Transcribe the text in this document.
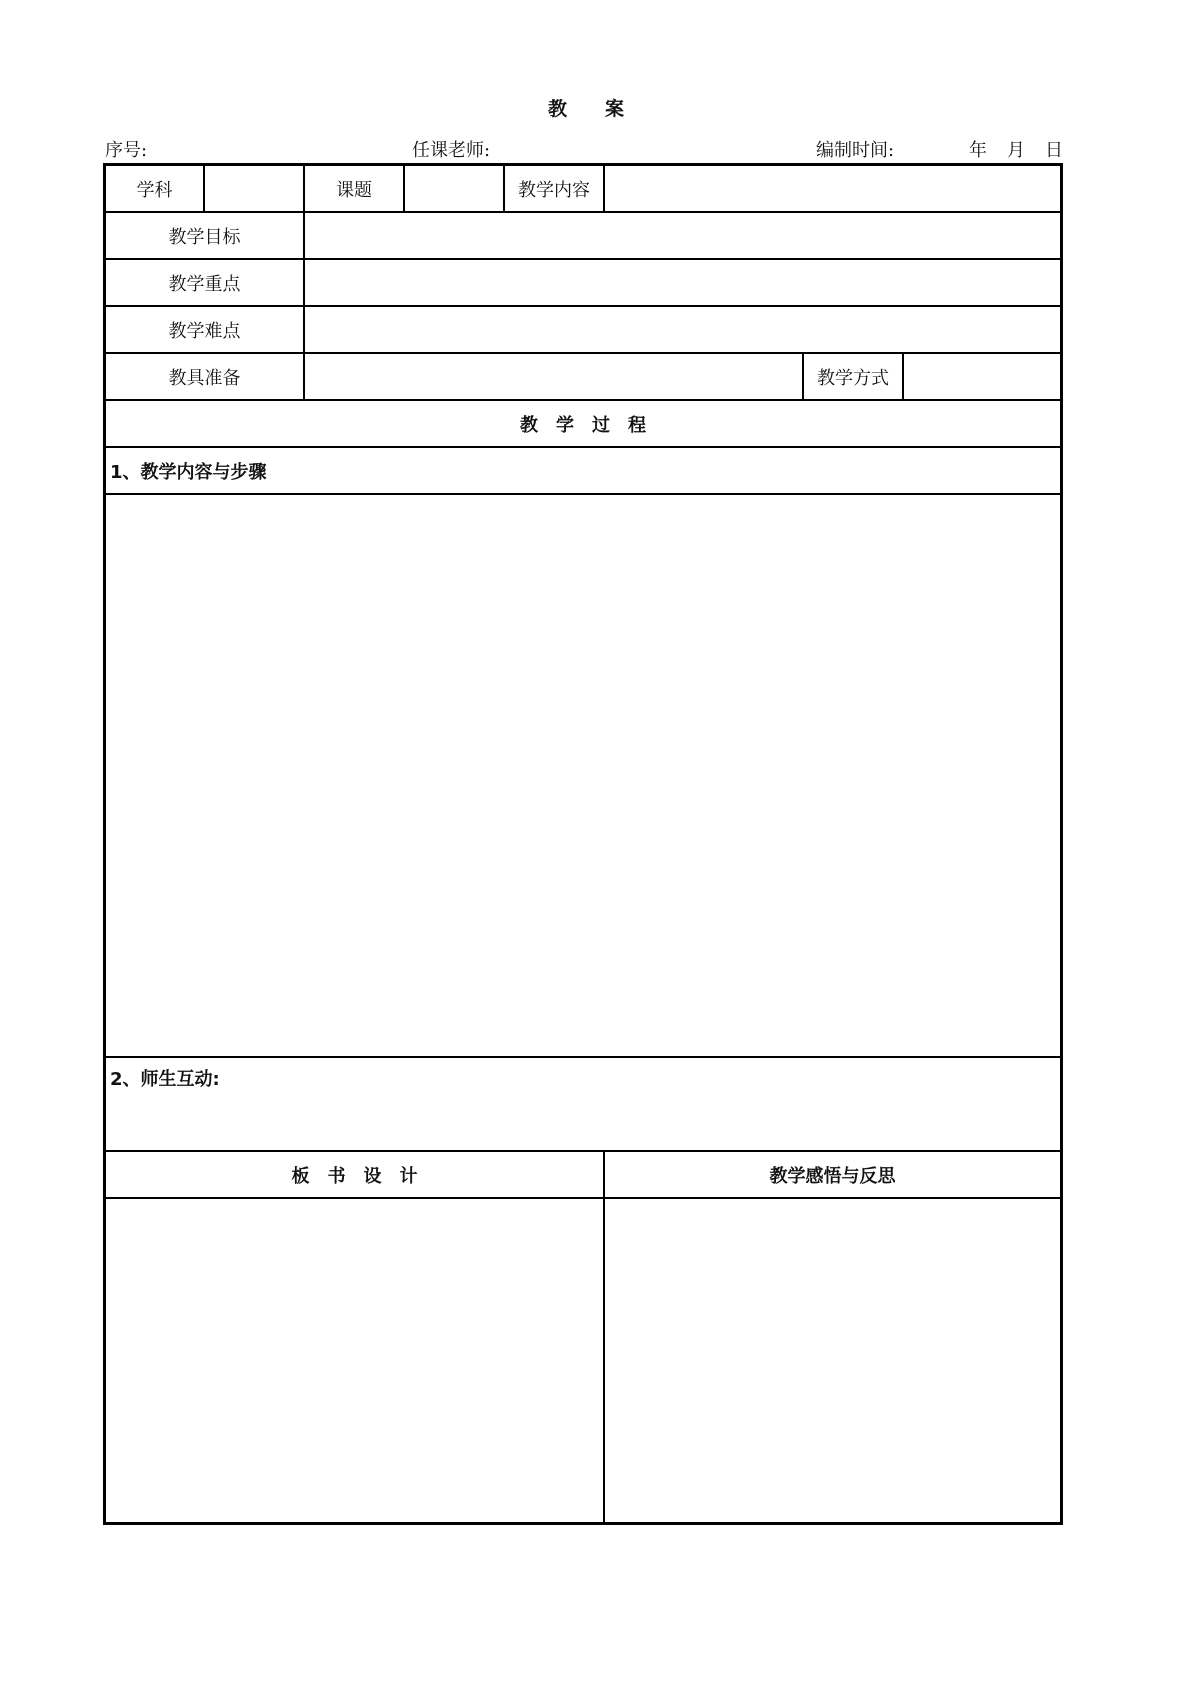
教　　案
序号:	任课老师:	编制时间:	年 月 日
学科	课题	教学内容
教学目标
教学重点
教学难点
教具准备	教学方式
教　学　过　程
1、教学内容与步骤
2、师生互动:
板　书　设　计	教学感悟与反思
